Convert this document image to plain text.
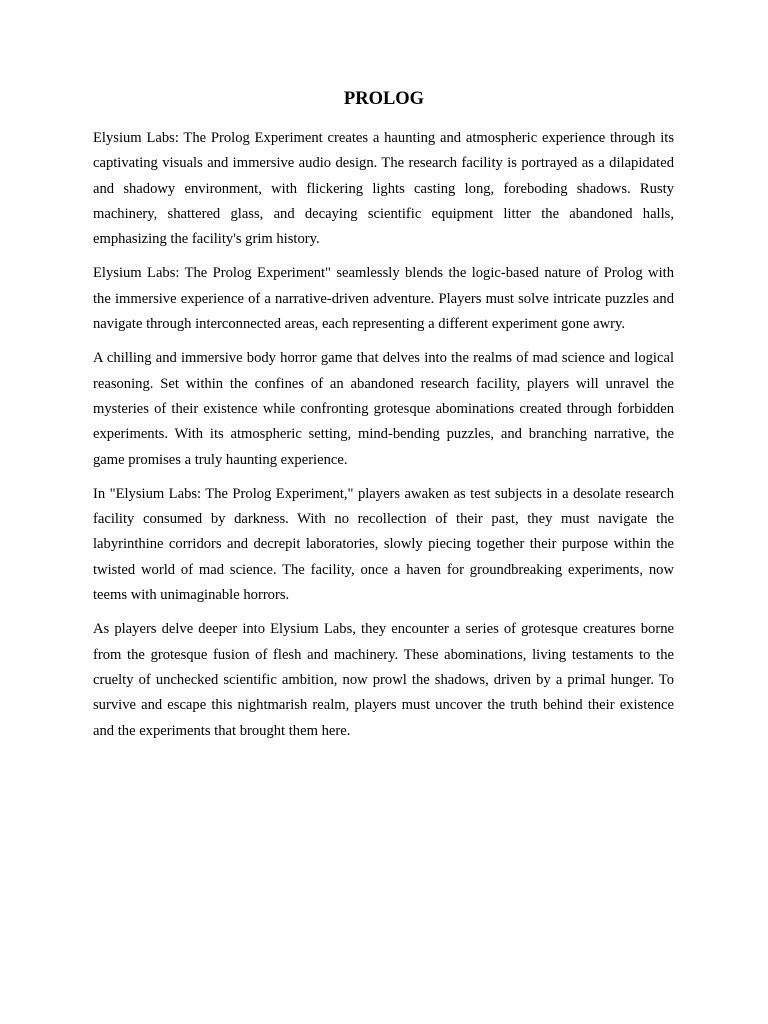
PROLOG

Elysium Labs: The Prolog Experiment creates a haunting and atmospheric experience through its captivating visuals and immersive audio design. The research facility is portrayed as a dilapidated and shadowy environment, with flickering lights casting long, foreboding shadows. Rusty machinery, shattered glass, and decaying scientific equipment litter the abandoned halls, emphasizing the facility's grim history.

Elysium Labs: The Prolog Experiment" seamlessly blends the logic-based nature of Prolog with the immersive experience of a narrative-driven adventure. Players must solve intricate puzzles and navigate through interconnected areas, each representing a different experiment gone awry.

A chilling and immersive body horror game that delves into the realms of mad science and logical reasoning. Set within the confines of an abandoned research facility, players will unravel the mysteries of their existence while confronting grotesque abominations created through forbidden experiments. With its atmospheric setting, mind-bending puzzles, and branching narrative, the game promises a truly haunting experience.

In "Elysium Labs: The Prolog Experiment," players awaken as test subjects in a desolate research facility consumed by darkness. With no recollection of their past, they must navigate the labyrinthine corridors and decrepit laboratories, slowly piecing together their purpose within the twisted world of mad science. The facility, once a haven for groundbreaking experiments, now teems with unimaginable horrors.

As players delve deeper into Elysium Labs, they encounter a series of grotesque creatures borne from the grotesque fusion of flesh and machinery. These abominations, living testaments to the cruelty of unchecked scientific ambition, now prowl the shadows, driven by a primal hunger. To survive and escape this nightmarish realm, players must uncover the truth behind their existence and the experiments that brought them here.
